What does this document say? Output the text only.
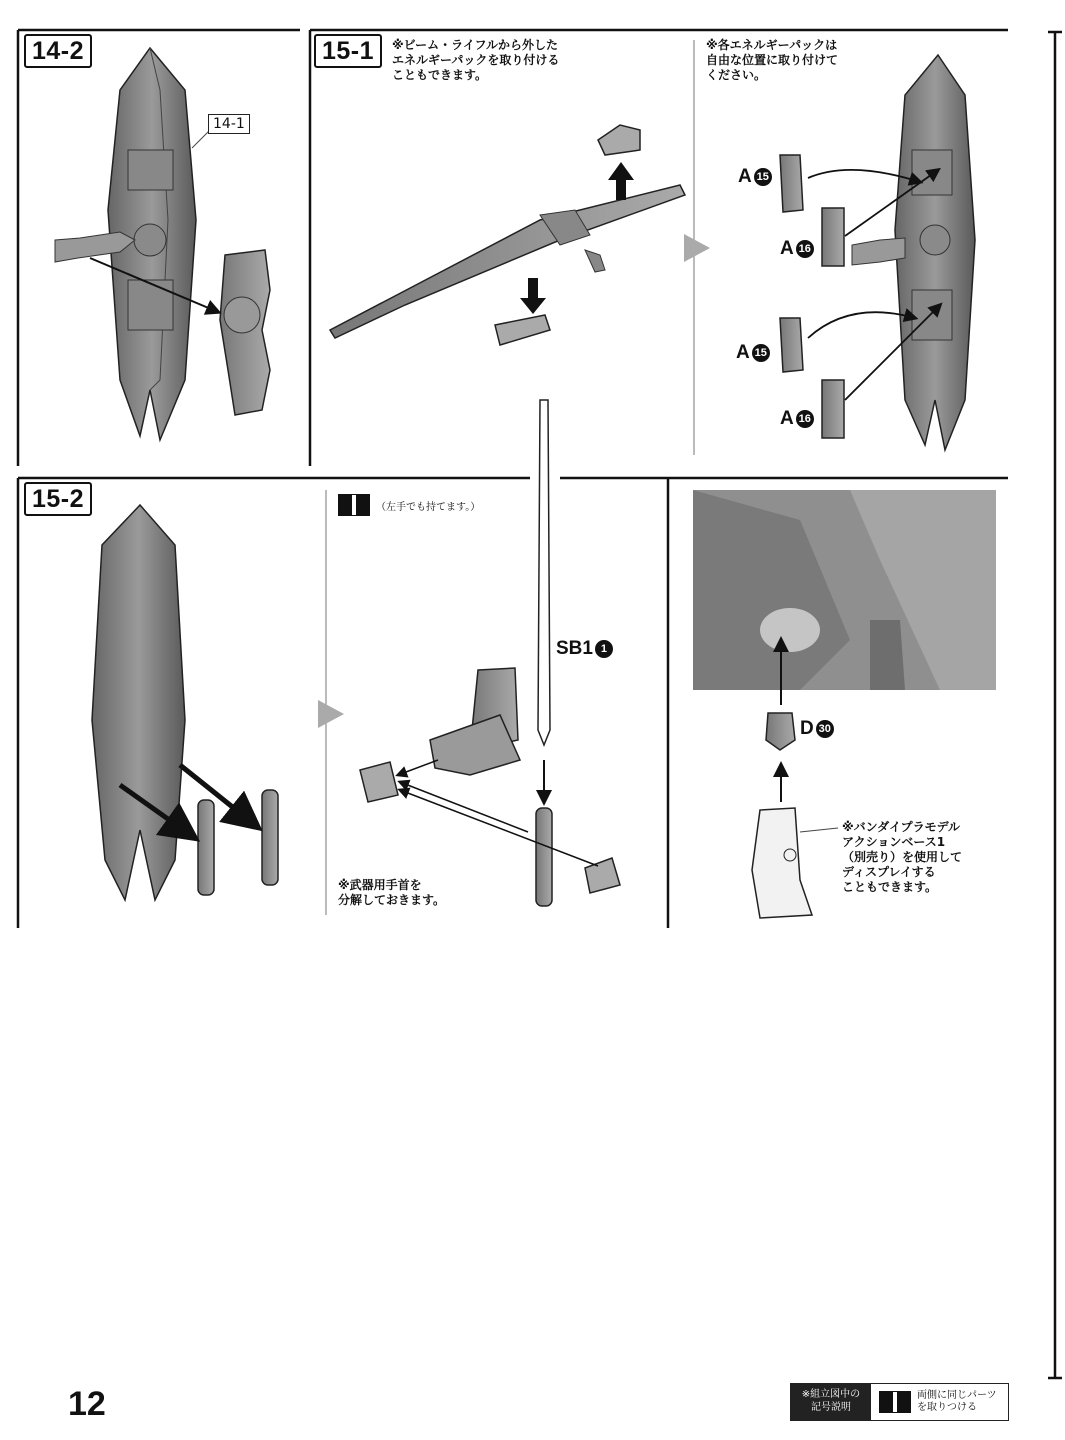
14-2
14-1
15-1	※ビーム・ライフルから外した
エネルギーパックを取り付ける
こともできます。
※各エネルギーパックは
自由な位置に取り付けて
ください。
A 15
A 16
A 15
A 16
15-2	（左手でも持てます。）
SB1 1
D 30
※武器用手首を
分解しておきます。
※バンダイプラモデル
アクションベース1
（別売り）を使用して
ディスプレイする
こともできます。
12	※組立図中の
記号説明
両側に同じパーツ
を取りつける
